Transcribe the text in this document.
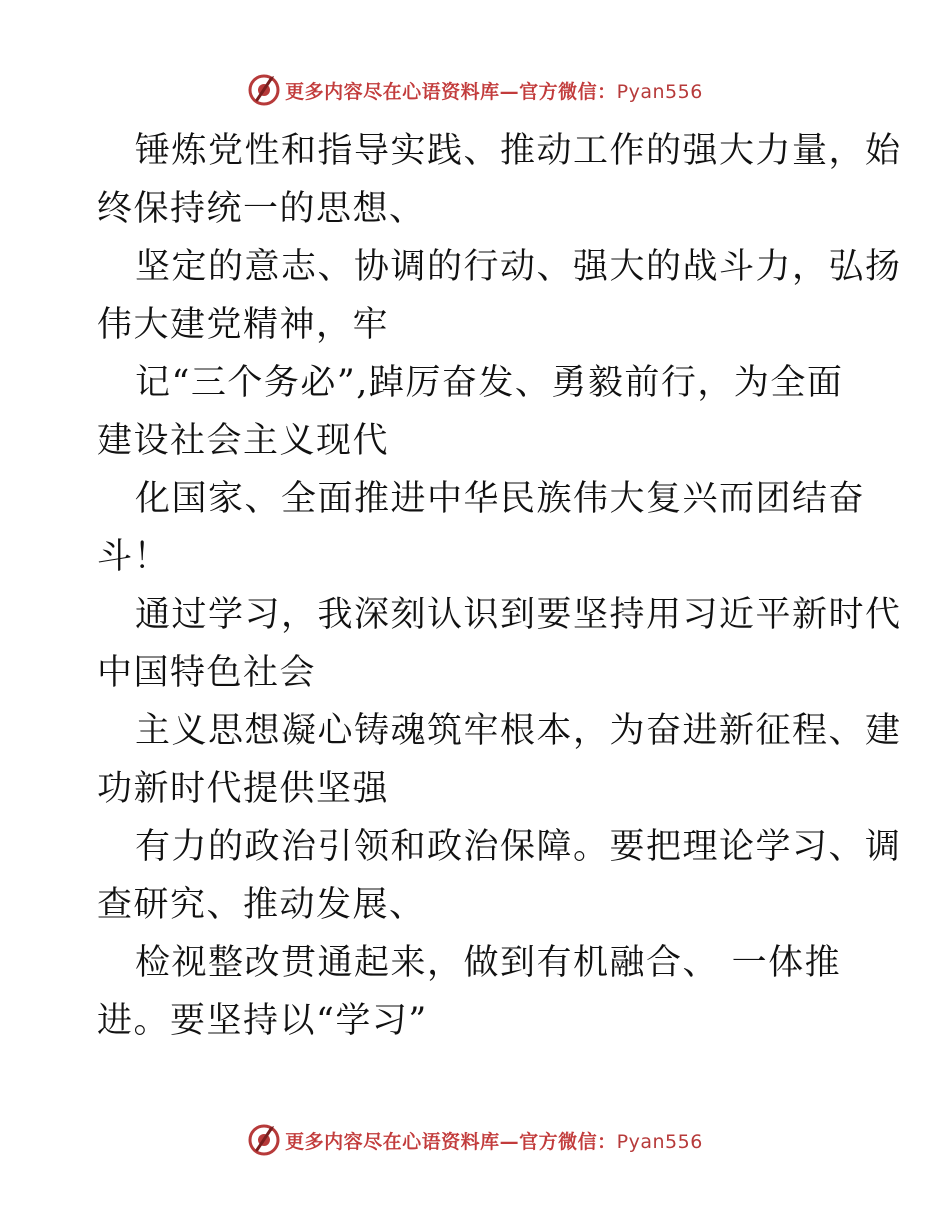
更多内容尽在心语资料库—官方微信：Pyan556
锤炼党性和指导实践、推动工作的强大力量，始
终保持统一的思想、
坚定的意志、协调的行动、强大的战斗力，弘扬
伟大建党精神，牢
记“三个务必”,踔厉奋发、勇毅前行，为全面
建设社会主义现代
化国家、全面推进中华民族伟大复兴而团结奋
斗！
通过学习，我深刻认识到要坚持用习近平新时代
中国特色社会
主义思想凝心铸魂筑牢根本，为奋进新征程、建
功新时代提供坚强
有力的政治引领和政治保障。要把理论学习、调
查研究、推动发展、
检视整改贯通起来，做到有机融合、 一体推
进。要坚持以“学习”
更多内容尽在心语资料库—官方微信：Pyan556
